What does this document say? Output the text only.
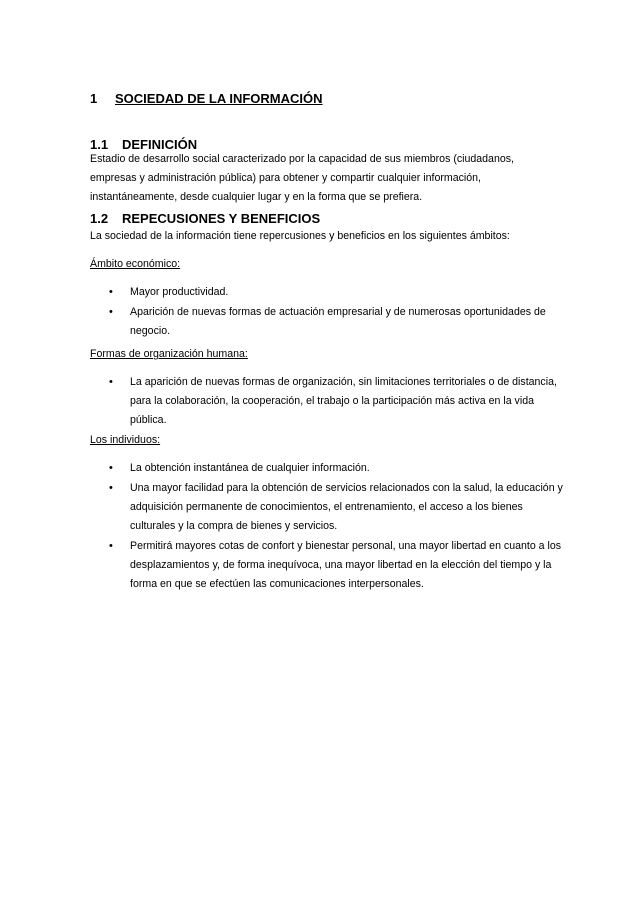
1	SOCIEDAD DE LA INFORMACIÓN
1.1	DEFINICIÓN
Estadio de desarrollo social caracterizado por la capacidad de sus miembros (ciudadanos, empresas y administración pública) para obtener y compartir cualquier información, instantáneamente, desde cualquier lugar y en la forma que se prefiera.
1.2	REPECUSIONES Y BENEFICIOS
La sociedad de la información tiene repercusiones y beneficios en los siguientes ámbitos:
Ámbito económico:
• Mayor productividad.
• Aparición de nuevas formas de actuación empresarial y de numerosas oportunidades de negocio.
Formas de organización humana:
• La aparición de nuevas formas de organización, sin limitaciones territoriales o de distancia, para la colaboración, la cooperación, el trabajo o la participación más activa en la vida pública.
Los individuos:
• La obtención instantánea de cualquier información.
• Una mayor facilidad para la obtención de servicios relacionados con la salud, la educación y adquisición permanente de conocimientos, el entrenamiento, el acceso a los bienes culturales y la compra de bienes y servicios.
• Permitirá mayores cotas de confort y bienestar personal, una mayor libertad en cuanto a los desplazamientos y, de forma inequívoca, una mayor libertad en la elección del tiempo y la forma en que se efectúen las comunicaciones interpersonales.
